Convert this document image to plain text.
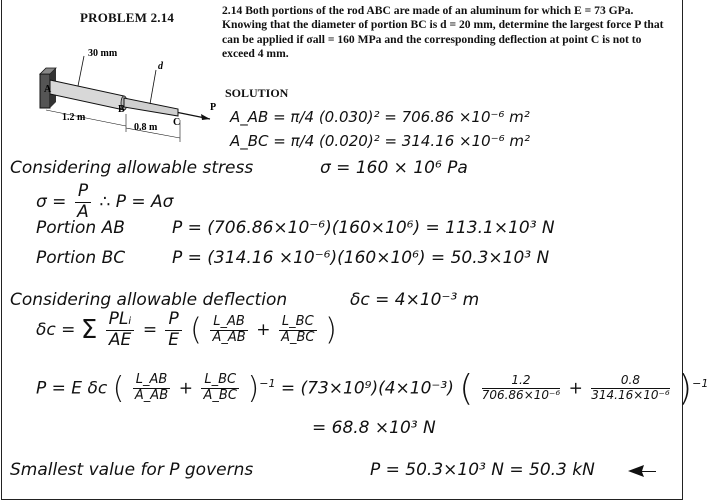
PROBLEM 2.14	2.14 Both portions of the rod ABC are made of an aluminum for which E = 73 GPa. Knowing that the diameter of portion BC is d = 20 mm, determine the largest force P that can be applied if σall = 160 MPa and the corresponding deflection at point C is not to exceed 4 mm.
30 mm
d
A
B
C
P
1.2 m
0.8 m
SOLUTION
A_AB = π/4 (0.030)² = 706.86 ×10⁻⁶ m²
A_BC = π/4 (0.020)² = 314.16 ×10⁻⁶ m²
Considering allowable stress	σ = 160 × 10⁶ Pa
$\sigma = \frac{P}{A}$ ∴ P = Aσ
Portion AB	P = (706.86×10⁻⁶)(160×10⁶) = 113.1×10³ N
Portion BC	P = (314.16 ×10⁻⁶)(160×10⁶) = 50.3×10³ N
Considering allowable deflection	δc = 4×10⁻³ m
δc = Σ $\frac{\text{PLᵢ}}{AE} = \frac{P}{E}$ ( $\frac{L\_AB}{A\_AB} + \frac{L\_BC}{A\_BC}$ )
P = E δc ( $\frac{L\_AB}{A\_AB} + \frac{L\_BC}{A\_BC} )^{-1} = (73\times 10^9)(4\times 10^{-3})$ ( $\frac{1.2}{\text{706.86×10⁻⁶}} + \frac{0.8}{\text{314.16×10⁻⁶}} )^{-1}$
= 68.8 ×10³ N
Smallest value for P governs	P = 50.3×10³ N = 50.3 kN
